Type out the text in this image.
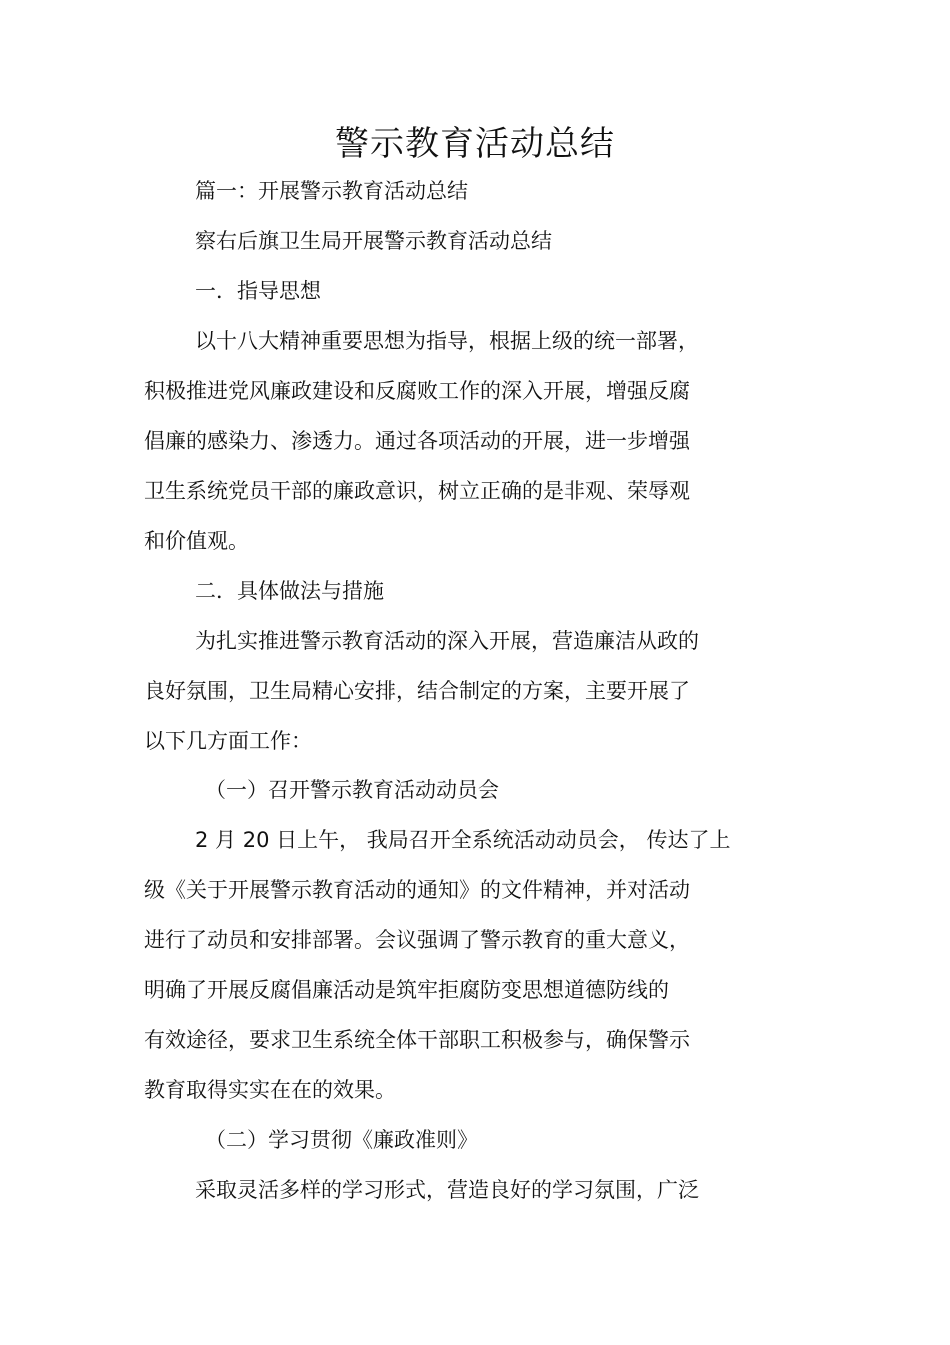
警示教育活动总结

篇一：开展警示教育活动总结

察右后旗卫生局开展警示教育活动总结

一．指导思想

以十八大精神重要思想为指导，根据上级的统一部署，

积极推进党风廉政建设和反腐败工作的深入开展，增强反腐

倡廉的感染力、渗透力。通过各项活动的开展，进一步增强

卫生系统党员干部的廉政意识，树立正确的是非观、荣辱观

和价值观。

二．具体做法与措施

为扎实推进警示教育活动的深入开展，营造廉洁从政的

良好氛围，卫生局精心安排，结合制定的方案，主要开展了

以下几方面工作：

（一）召开警示教育活动动员会

2 月 20 日上午， 我局召开全系统活动动员会， 传达了上

级《关于开展警示教育活动的通知》的文件精神，并对活动

进行了动员和安排部署。会议强调了警示教育的重大意义，

明确了开展反腐倡廉活动是筑牢拒腐防变思想道德防线的

有效途径，要求卫生系统全体干部职工积极参与，确保警示

教育取得实实在在的效果。

（二）学习贯彻《廉政准则》

采取灵活多样的学习形式，营造良好的学习氛围，广泛
